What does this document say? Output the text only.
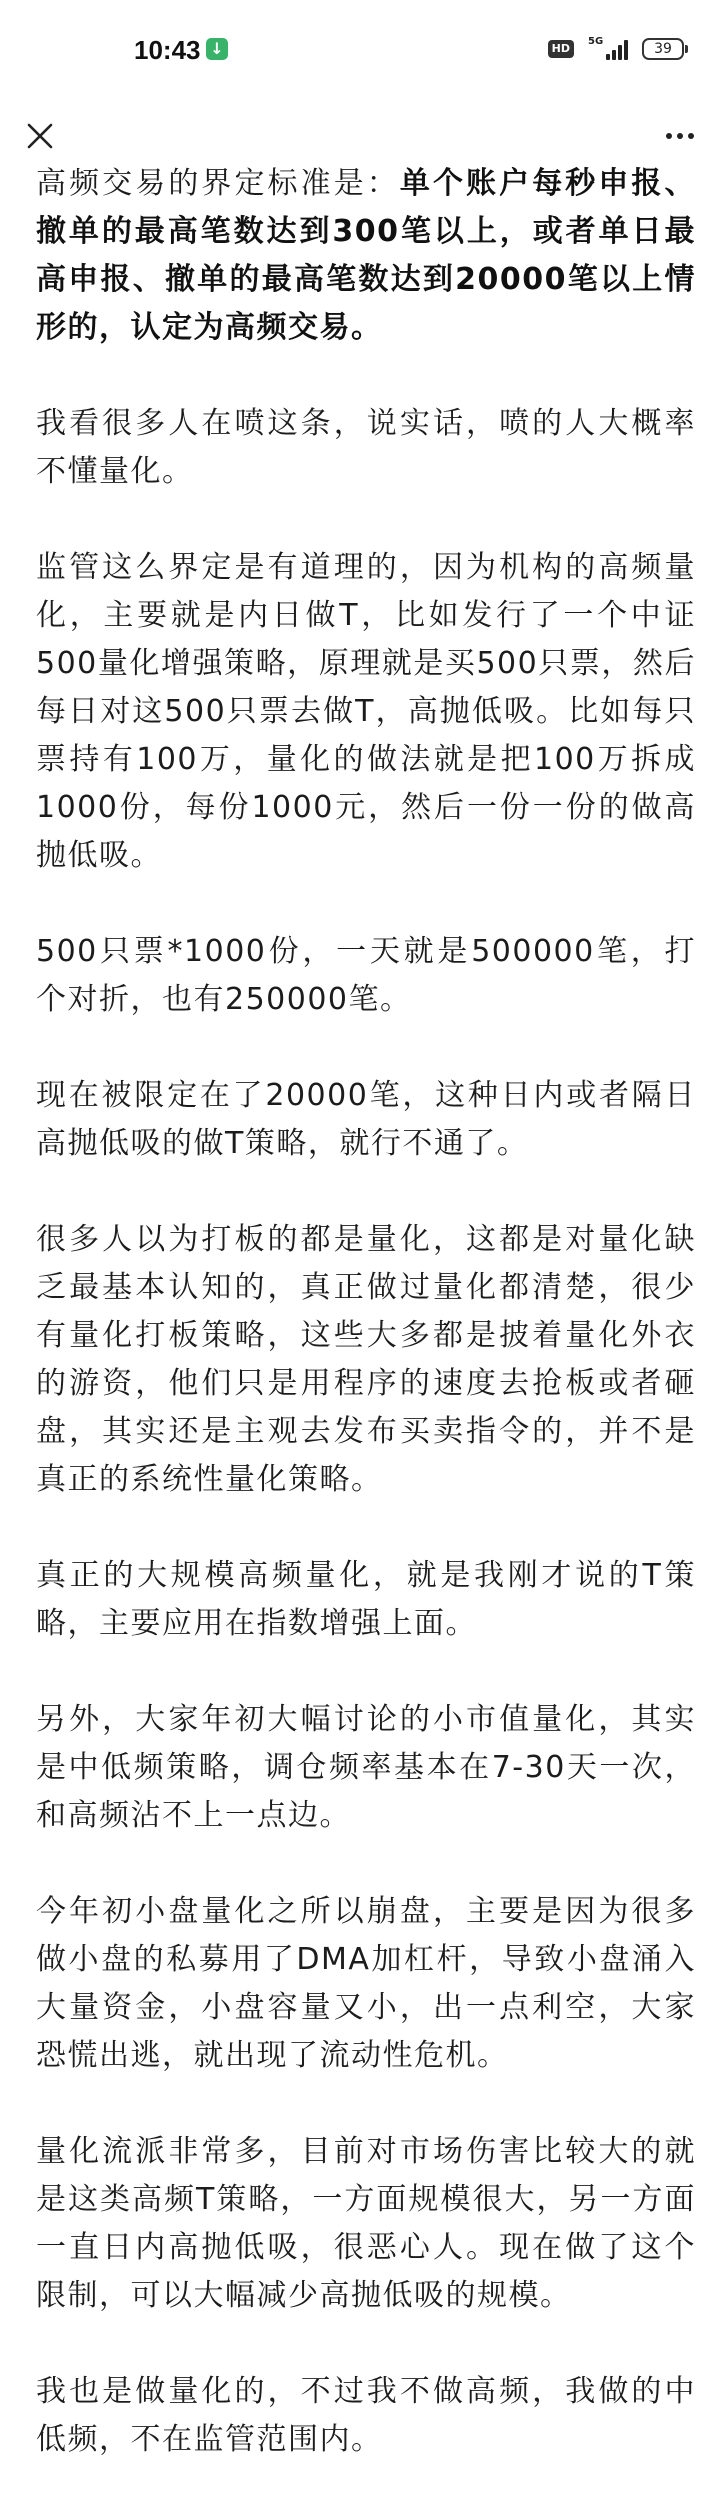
10:43 ↓	HD
5G	39

高频交易的界定标准是：单个账户每秒申报、撤单的最高笔数达到300笔以上，或者单日最高申报、撤单的最高笔数达到20000笔以上情形的，认定为高频交易。

我看很多人在喷这条，说实话，喷的人大概率不懂量化。

监管这么界定是有道理的，因为机构的高频量化，主要就是内日做T，比如发行了一个中证500量化增强策略，原理就是买500只票，然后每日对这500只票去做T，高抛低吸。比如每只票持有100万，量化的做法就是把100万拆成1000份，每份1000元，然后一份一份的做高抛低吸。

500只票*1000份，一天就是500000笔，打个对折，也有250000笔。

现在被限定在了20000笔，这种日内或者隔日高抛低吸的做T策略，就行不通了。

很多人以为打板的都是量化，这都是对量化缺乏最基本认知的，真正做过量化都清楚，很少有量化打板策略，这些大多都是披着量化外衣的游资，他们只是用程序的速度去抢板或者砸盘，其实还是主观去发布买卖指令的，并不是真正的系统性量化策略。

真正的大规模高频量化，就是我刚才说的T策略，主要应用在指数增强上面。

另外，大家年初大幅讨论的小市值量化，其实是中低频策略，调仓频率基本在7-30天一次，和高频沾不上一点边。

今年初小盘量化之所以崩盘，主要是因为很多做小盘的私募用了DMA加杠杆，导致小盘涌入大量资金，小盘容量又小，出一点利空，大家恐慌出逃，就出现了流动性危机。

量化流派非常多，目前对市场伤害比较大的就是这类高频T策略，一方面规模很大，另一方面一直日内高抛低吸，很恶心人。现在做了这个限制，可以大幅减少高抛低吸的规模。

我也是做量化的，不过我不做高频，我做的中低频，不在监管范围内。
